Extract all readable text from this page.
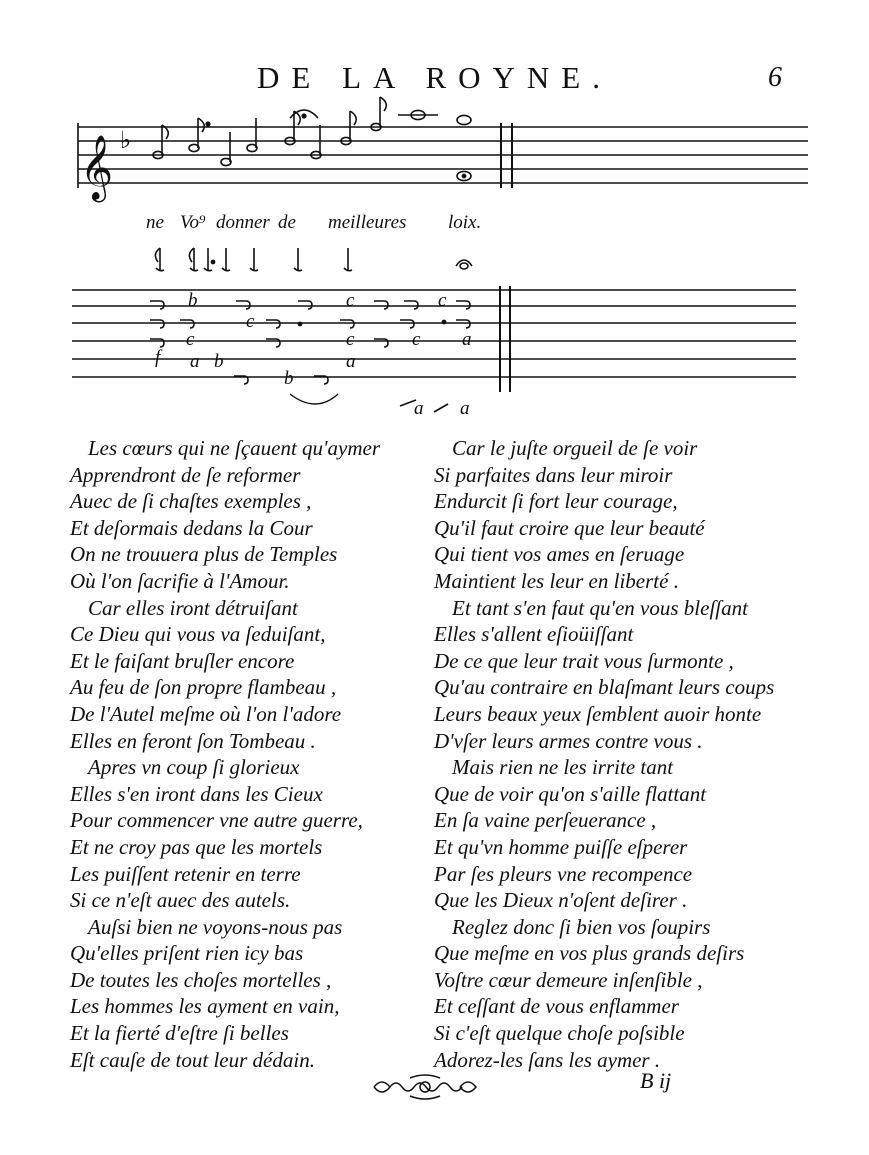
DE LA ROYNE.	6
𝄞 ♭
b	c	c
c
c	c	c a
f a b	a
b
a a
ne Vo⁹ donner de meilleures loix.
Les cœurs qui ne ſçauent qu'aymer
Apprendront de ſe reformer
Auec de ſi chaſtes exemples ,
Et deſormais dedans la Cour
On ne trouuera plus de Temples
Où l'on ſacrifie à l'Amour.
Car elles iront détruiſant
Ce Dieu qui vous va ſeduiſant,
Et le faiſant bruſler encore
Au feu de ſon propre flambeau ,
De l'Autel meſme où l'on l'adore
Elles en feront ſon Tombeau .
Apres vn coup ſi glorieux
Elles s'en iront dans les Cieux
Pour commencer vne autre guerre,
Et ne croy pas que les mortels
Les puiſſent retenir en terre
Si ce n'eſt auec des autels.
Auſsi bien ne voyons-nous pas
Qu'elles priſent rien icy bas
De toutes les choſes mortelles ,
Les hommes les ayment en vain,
Et la fierté d'eſtre ſi belles
Eſt cauſe de tout leur dédain.
Car le juſte orgueil de ſe voir
Si parfaites dans leur miroir
Endurcit ſi fort leur courage,
Qu'il faut croire que leur beauté
Qui tient vos ames en ſeruage
Maintient les leur en liberté .
Et tant s'en faut qu'en vous bleſſant
Elles s'allent eſioüiſſant
De ce que leur trait vous ſurmonte ,
Qu'au contraire en blaſmant leurs coups
Leurs beaux yeux ſemblent auoir honte
D'vſer leurs armes contre vous .
Mais rien ne les irrite tant
Que de voir qu'on s'aille flattant
En ſa vaine perſeuerance ,
Et qu'vn homme puiſſe eſperer
Par ſes pleurs vne recompence
Que les Dieux n'oſent deſirer .
Reglez donc ſi bien vos ſoupirs
Que meſme en vos plus grands deſirs
Voſtre cœur demeure inſenſible ,
Et ceſſant de vous enflammer
Si c'eſt quelque choſe poſsible
Adorez-les ſans les aymer .
B ij
